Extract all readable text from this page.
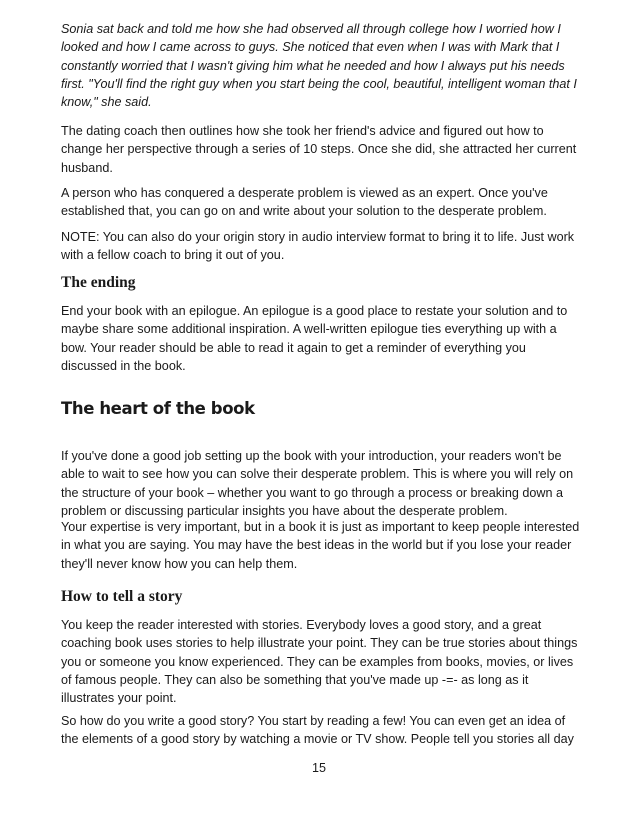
Sonia sat back and told me how she had observed all through college how I worried how I looked and how I came across to guys. She noticed that even when I was with Mark that I constantly worried that I wasn't giving him what he needed and how I always put his needs first. "You'll find the right guy when you start being the cool, beautiful, intelligent woman that I know," she said.

The dating coach then outlines how she took her friend's advice and figured out how to change her perspective through a series of 10 steps. Once she did, she attracted her current husband.

A person who has conquered a desperate problem is viewed as an expert. Once you've established that, you can go on and write about your solution to the desperate problem.

NOTE: You can also do your origin story in audio interview format to bring it to life. Just work with a fellow coach to bring it out of you.

The ending

End your book with an epilogue. An epilogue is a good place to restate your solution and to maybe share some additional inspiration. A well-written epilogue ties everything up with a bow. Your reader should be able to read it again to get a reminder of everything you discussed in the book.

The heart of the book

If you've done a good job setting up the book with your introduction, your readers won't be able to wait to see how you can solve their desperate problem. This is where you will rely on the structure of your book – whether you want to go through a process or breaking down a problem or discussing particular insights you have about the desperate problem.

Your expertise is very important, but in a book it is just as important to keep people interested in what you are saying. You may have the best ideas in the world but if you lose your reader they'll never know how you can help them.

How to tell a story

You keep the reader interested with stories. Everybody loves a good story, and a great coaching book uses stories to help illustrate your point. They can be true stories about things you or someone you know experienced. They can be examples from books, movies, or lives of famous people. They can also be something that you've made up -=- as long as it illustrates your point.

So how do you write a good story? You start by reading a few! You can even get an idea of the elements of a good story by watching a movie or TV show. People tell you stories all day

15
